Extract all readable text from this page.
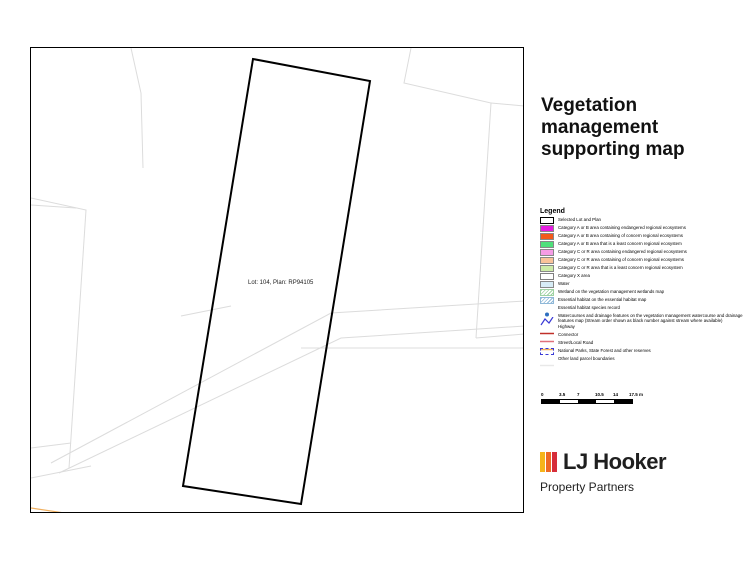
Lot: 104, Plan: RP94105
Vegetation
management
supporting map
Legend
Selected Lot and Plan
Category A or B area containing endangered regional ecosystems
Category A or B area containing of concern regional ecosystems
Category A or B area that is a least concern regional ecosystem
Category C or R area containing endangered regional ecosystems
Category C or R area containing of concern regional ecosystems
Category C or R area that is a least concern regional ecosystem
Category X area
Water
Wetland on the vegetation management wetlands map
Essential habitat on the essential habitat map
Essential habitat species record
Watercourses and drainage features on the vegetation management watercourse and drainage features map (Stream order shown as black number against stream where available)
Highway
Connector
Street/Local Road
National Parks, State Forest and other reserves
Other land parcel boundaries
0	3.5	7	10.5 14 17.5 m
LJ Hooker
Property Partners
